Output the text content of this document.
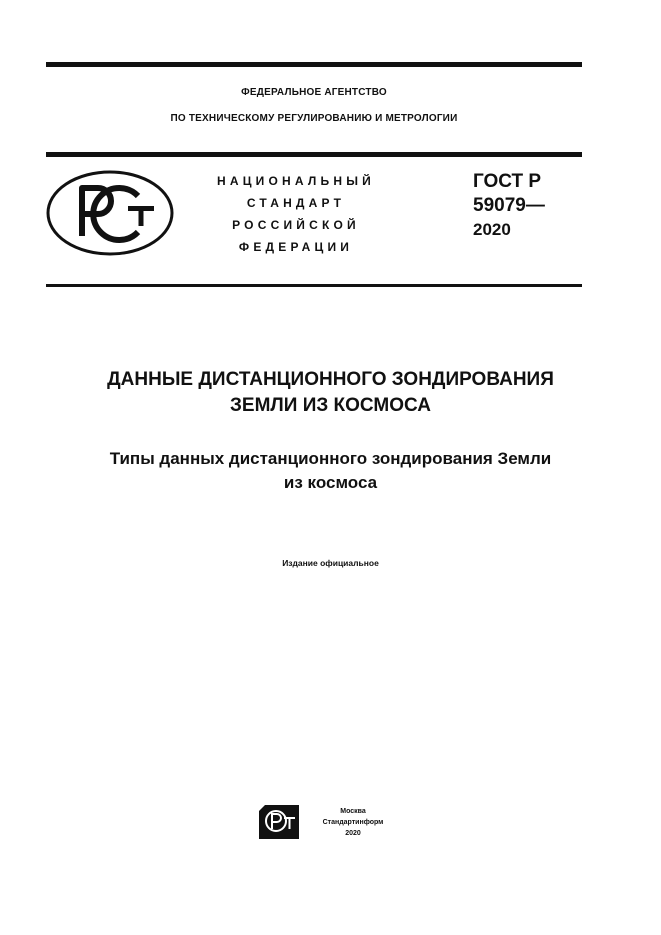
ФЕДЕРАЛЬНОЕ АГЕНТСТВО
ПО ТЕХНИЧЕСКОМУ РЕГУЛИРОВАНИЮ И МЕТРОЛОГИИ
НАЦИОНАЛЬНЫЙ
СТАНДАРТ
РОССИЙСКОЙ
ФЕДЕРАЦИИ
ГОСТ Р
59079—
2020
ДАННЫЕ ДИСТАНЦИОННОГО ЗОНДИРОВАНИЯ
ЗЕМЛИ ИЗ КОСМОСА
Типы данных дистанционного зондирования Земли
из космоса
Издание официальное
Москва
Стандартинформ
2020
